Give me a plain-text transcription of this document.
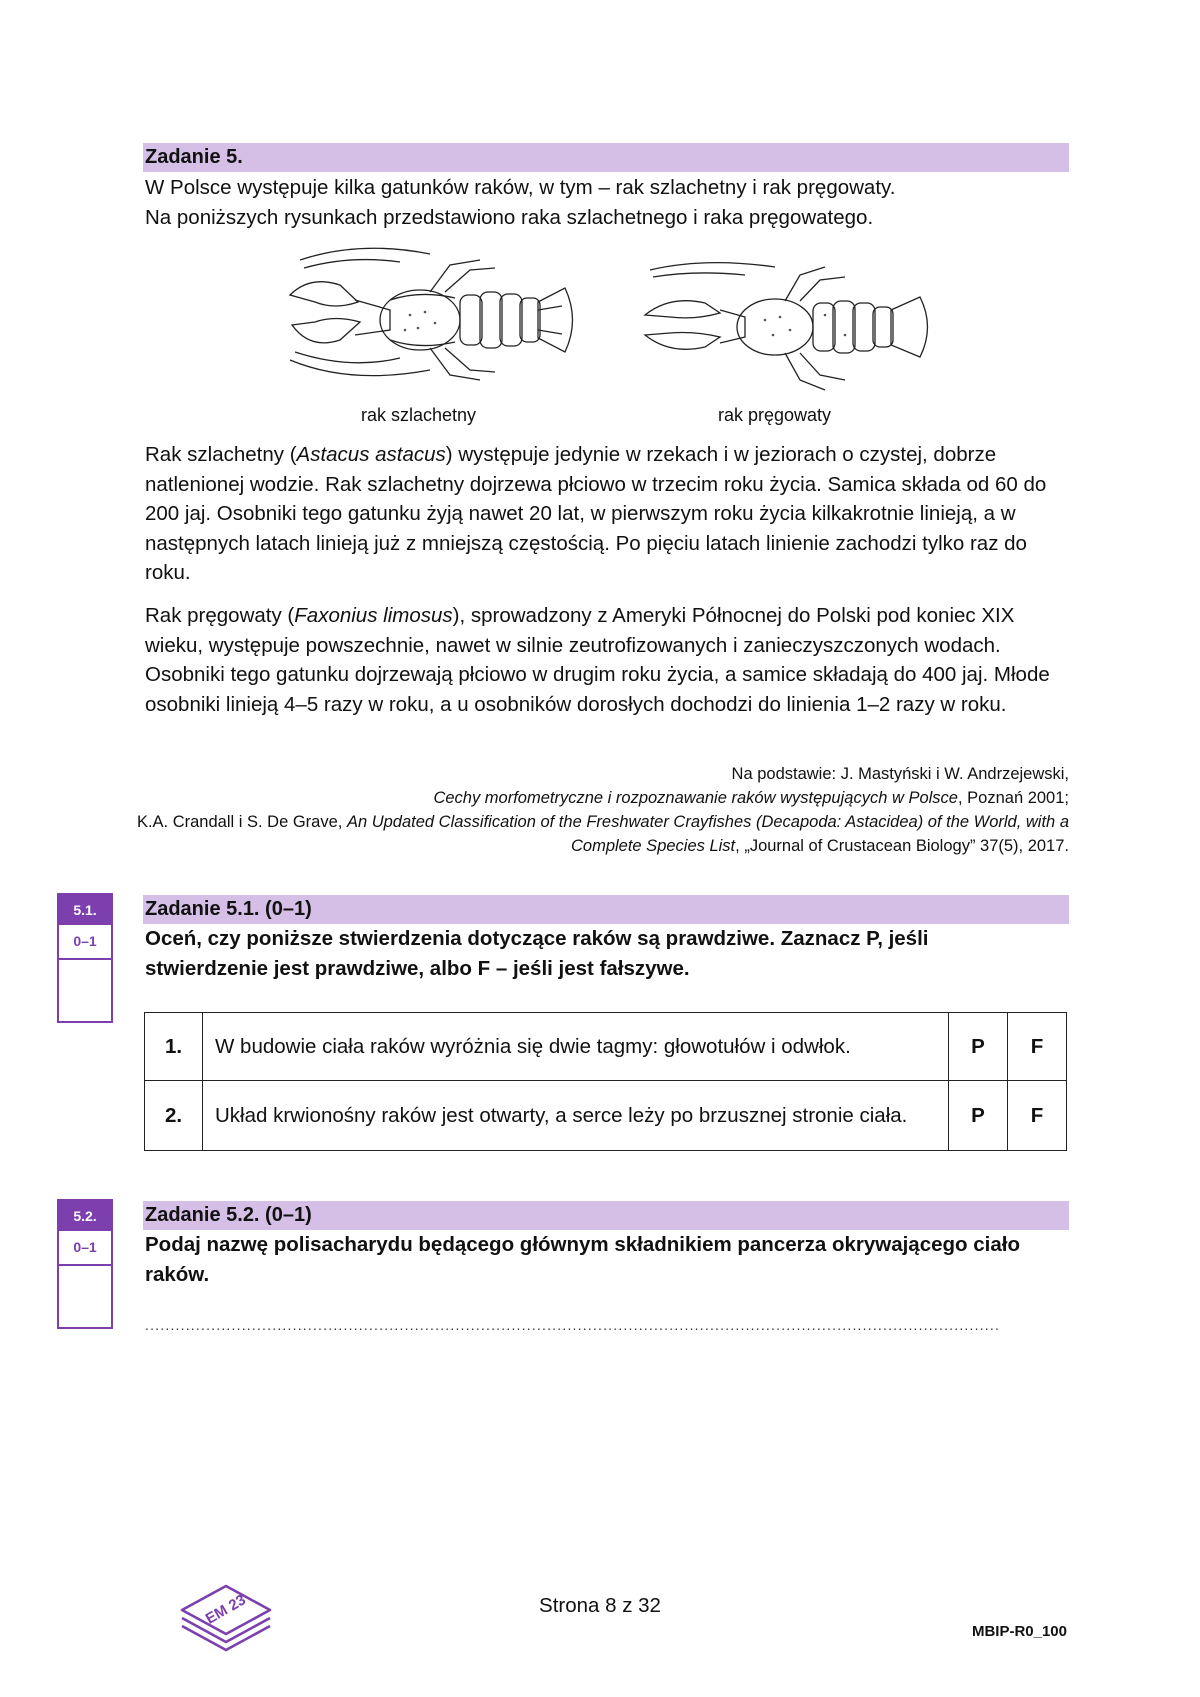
Zadanie 5.
W Polsce występuje kilka gatunków raków, w tym – rak szlachetny i rak pręgowaty.
Na poniższych rysunkach przedstawiono raka szlachetnego i raka pręgowatego.
rak szlachetny	rak pręgowaty
Rak szlachetny (Astacus astacus) występuje jedynie w rzekach i w jeziorach o czystej, dobrze natlenionej wodzie. Rak szlachetny dojrzewa płciowo w trzecim roku życia. Samica składa od 60 do 200 jaj. Osobniki tego gatunku żyją nawet 20 lat, w pierwszym roku życia kilkakrotnie linieją, a w następnych latach linieją już z mniejszą częstością. Po pięciu latach linienie zachodzi tylko raz do roku.
Rak pręgowaty (Faxonius limosus), sprowadzony z Ameryki Północnej do Polski pod koniec XIX wieku, występuje powszechnie, nawet w silnie zeutrofizowanych i zanieczyszczonych wodach. Osobniki tego gatunku dojrzewają płciowo w drugim roku życia, a samice składają do 400 jaj. Młode osobniki linieją 4–5 razy w roku, a u osobników dorosłych dochodzi do linienia 1–2 razy w roku.
Na podstawie: J. Mastyński i W. Andrzejewski,
Cechy morfometryczne i rozpoznawanie raków występujących w Polsce, Poznań 2001;
K.A. Crandall i S. De Grave, An Updated Classification of the Freshwater Crayfishes (Decapoda: Astacidea) of the World, with a Complete Species List, „Journal of Crustacean Biology” 37(5), 2017.
5.1.
0–1
Zadanie 5.1. (0–1)
Oceń, czy poniższe stwierdzenia dotyczące raków są prawdziwe. Zaznacz P, jeśli stwierdzenie jest prawdziwe, albo F – jeśli jest fałszywe.
1.	W budowie ciała raków wyróżnia się dwie tagmy: głowotułów i odwłok.	P	F
2.	Układ krwionośny raków jest otwarty, a serce leży po brzusznej stronie ciała.	P	F
5.2.
0–1
Zadanie 5.2. (0–1)
Podaj nazwę polisacharydu będącego głównym składnikiem pancerza okrywającego ciało raków.
........................................................................................................................................................................
EM 23	Strona 8 z 32
MBIP-R0_100
